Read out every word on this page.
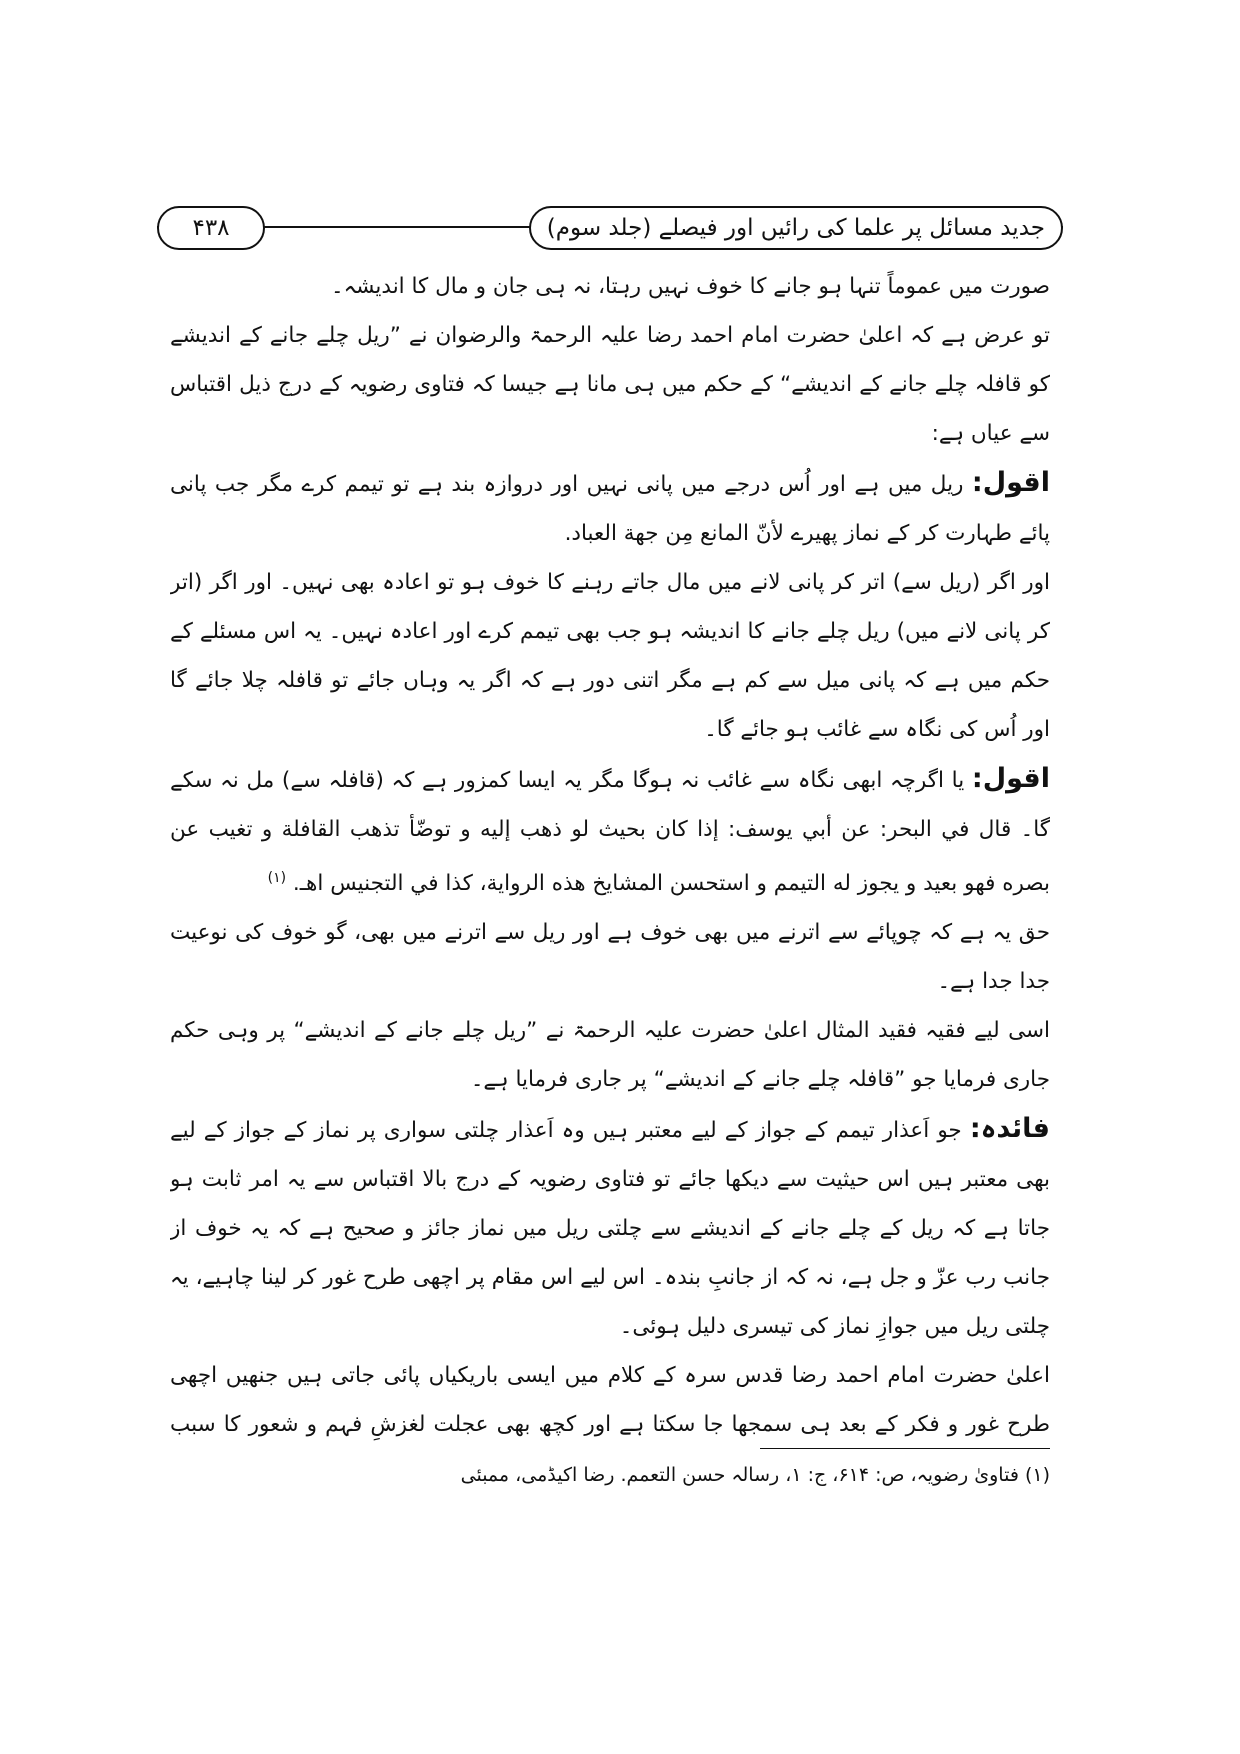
۴۳۸	جدید مسائل پر علما کی رائیں اور فیصلے (جلد سوم)

صورت میں عموماً تنہا ہو جانے کا خوف نہیں رہتا، نہ ہی جان و مال کا اندیشہ۔

تو عرض ہے کہ اعلیٰ حضرت امام احمد رضا علیہ الرحمۃ والرضوان نے ”ریل چلے جانے کے اندیشے کو قافلہ چلے جانے کے اندیشے“ کے حکم میں ہی مانا ہے جیسا کہ فتاوی رضویہ کے درج ذیل اقتباس سے عیاں ہے:

اقول: ریل میں ہے اور اُس درجے میں پانی نہیں اور دروازہ بند ہے تو تیمم کرے مگر جب پانی پائے طہارت کر کے نماز پھیرے لأنّ المانع مِن جهة العباد.

اور اگر (ریل سے) اتر کر پانی لانے میں مال جاتے رہنے کا خوف ہو تو اعادہ بھی نہیں۔ اور اگر (اتر کر پانی لانے میں) ریل چلے جانے کا اندیشہ ہو جب بھی تیمم کرے اور اعادہ نہیں۔ یہ اس مسئلے کے حکم میں ہے کہ پانی میل سے کم ہے مگر اتنی دور ہے کہ اگر یہ وہاں جائے تو قافلہ چلا جائے گا اور اُس کی نگاہ سے غائب ہو جائے گا۔

اقول: یا اگرچہ ابھی نگاہ سے غائب نہ ہوگا مگر یہ ایسا کمزور ہے کہ (قافلہ سے) مل نہ سکے گا۔ قال في البحر: عن أبي يوسف: إذا كان بحيث لو ذهب إليه و توضّأ تذهب القافلة و تغيب عن بصره فهو بعيد و يجوز له التيمم و استحسن المشايخ هذه الرواية، كذا في التجنيس اهـ. $^{(۱)}$

حق یہ ہے کہ چوپائے سے اترنے میں بھی خوف ہے اور ریل سے اترنے میں بھی، گو خوف کی نوعیت جدا جدا ہے۔

اسی لیے فقیہ فقید المثال اعلیٰ حضرت علیہ الرحمۃ نے ”ریل چلے جانے کے اندیشے“ پر وہی حکم جاری فرمایا جو ”قافلہ چلے جانے کے اندیشے“ پر جاری فرمایا ہے۔

فائدہ: جو اَعذار تیمم کے جواز کے لیے معتبر ہیں وہ اَعذار چلتی سواری پر نماز کے جواز کے لیے بھی معتبر ہیں اس حیثیت سے دیکھا جائے تو فتاوی رضویہ کے درج بالا اقتباس سے یہ امر ثابت ہو جاتا ہے کہ ریل کے چلے جانے کے اندیشے سے چلتی ریل میں نماز جائز و صحیح ہے کہ یہ خوف از جانب رب عزّ و جل ہے، نہ کہ از جانبِ بندہ۔ اس لیے اس مقام پر اچھی طرح غور کر لینا چاہیے، یہ چلتی ریل میں جوازِ نماز کی تیسری دلیل ہوئی۔

اعلیٰ حضرت امام احمد رضا قدس سرہ کے کلام میں ایسی باریکیاں پائی جاتی ہیں جنھیں اچھی طرح غور و فکر کے بعد ہی سمجھا جا سکتا ہے اور کچھ بھی عجلت لغزشِ فہم و شعور کا سبب

(۱) فتاویٰ رضویہ، ص: ۶۱۴، ج: ۱، رسالہ حسن التعمم. رضا اکیڈمی، ممبئی
